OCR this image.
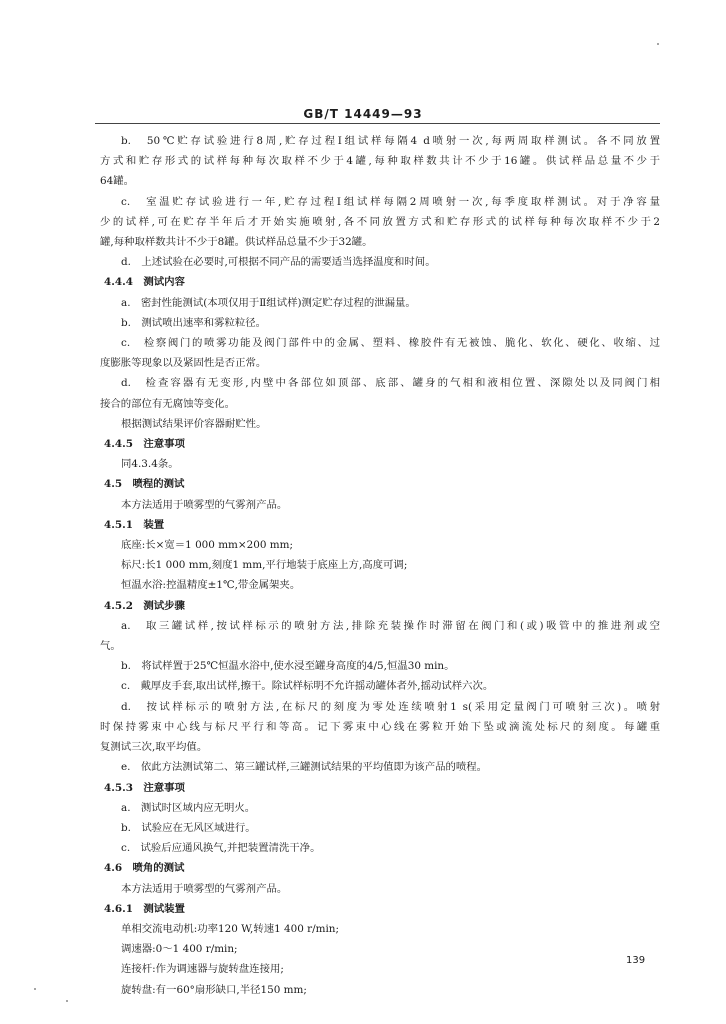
GB/T 14449—93

b.　50℃贮存试验进行8周,贮存过程Ⅰ组试样每隔4 d喷射一次,每两周取样测试。各不同放置

方式和贮存形式的试样每种每次取样不少于4罐,每种取样数共计不少于16罐。供试样品总量不少于

64罐。

c.　室温贮存试验进行一年,贮存过程Ⅰ组试样每隔2周喷射一次,每季度取样测试。对于净容量

少的试样,可在贮存半年后才开始实施喷射,各不同放置方式和贮存形式的试样每种每次取样不少于2

罐,每种取样数共计不少于8罐。供试样品总量不少于32罐。

d.　上述试验在必要时,可根据不同产品的需要适当选择温度和时间。

4.4.4　测试内容

a.　密封性能测试(本项仅用于Ⅱ组试样)测定贮存过程的泄漏量。

b.　测试喷出速率和雾粒粒径。

c.　检察阀门的喷雾功能及阀门部件中的金属、塑料、橡胶件有无被蚀、脆化、软化、硬化、收缩、过

度膨胀等现象以及紧固性是否正常。

d.　检查容器有无变形,内壁中各部位如顶部、底部、罐身的气相和液相位置、深隙处以及同阀门相

接合的部位有无腐蚀等变化。

根据测试结果评价容器耐贮性。

4.4.5　注意事项

同4.3.4条。

4.5　喷程的测试

本方法适用于喷雾型的气雾剂产品。

4.5.1　装置

底座:长×宽＝1 000 mm×200 mm;

标尺:长1 000 mm,刻度1 mm,平行地装于底座上方,高度可调;

恒温水浴:控温精度±1℃,带金属架夹。

4.5.2　测试步骤

a.　取三罐试样,按试样标示的喷射方法,排除充装操作时滞留在阀门和(或)吸管中的推进剂或空

气。

b.　将试样置于25℃恒温水浴中,使水浸至罐身高度的4/5,恒温30 min。

c.　戴厚皮手套,取出试样,擦干。除试样标明不允许摇动罐体者外,摇动试样六次。

d.　按试样标示的喷射方法,在标尺的刻度为零处连续喷射1 s(采用定量阀门可喷射三次)。喷射

时保持雾束中心线与标尺平行和等高。记下雾束中心线在雾粒开始下坠或滴流处标尺的刻度。每罐重

复测试三次,取平均值。

e.　依此方法测试第二、第三罐试样,三罐测试结果的平均值即为该产品的喷程。

4.5.3　注意事项

a.　测试时区域内应无明火。

b.　试验应在无风区域进行。

c.　试验后应通风换气,并把装置清洗干净。

4.6　喷角的测试

本方法适用于喷雾型的气雾剂产品。

4.6.1　测试装置

单相交流电动机:功率120 W,转速1 400 r/min;

调速器:0～1 400 r/min;

连接杆:作为调速器与旋转盘连接用;

旋转盘:有一60°扇形缺口,半径150 mm;

139
